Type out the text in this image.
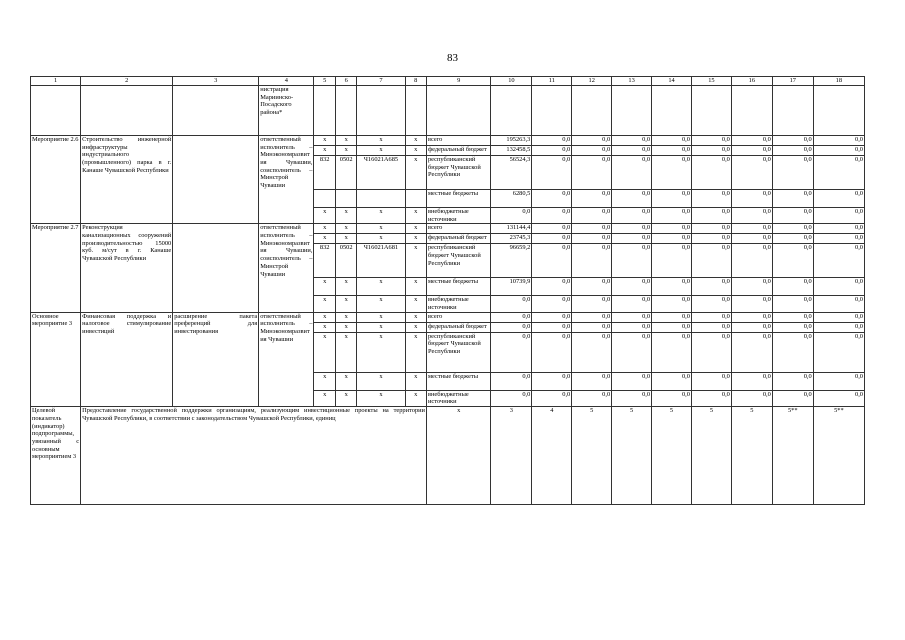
83
1	2	3	4	5	6	7	8	9	10	11	12	13	14	15	16	17	18
			нистрация Мариинско-Посадского района*														
Мероприятие 2.6	Строительство инженерной инфраструктуры индустриального (промышленного) парка в г. Канаше Чувашской Республики		ответственный исполнитель – Минэкономразвития Чувашии, соисполнитель – Минстрой Чувашии	x	x	x	x	всего	195263,3	0,0	0,0	0,0	0,0	0,0	0,0	0,0	0,0
				x	x	x	x	федеральный бюджет	132458,5	0,0	0,0	0,0	0,0	0,0	0,0	0,0	0,0
				832	0502	Ч16021А685	x	республиканский бюджет Чувашской Республики	56524,3	0,0	0,0	0,0	0,0	0,0	0,0	0,0	0,0
								местные бюджеты	6280,5	0,0	0,0	0,0	0,0	0,0	0,0	0,0	0,0
				x	x	x	x	внебюджетные источники	0,0	0,0	0,0	0,0	0,0	0,0	0,0	0,0	0,0
Мероприятие 2.7	Реконструкция канализационных сооружений производительностью 15000 куб. м/сут в г. Канаше Чувашской Республики		ответственный исполнитель – Минэкономразвития Чувашии, соисполнитель – Минстрой Чувашии	x	x	x	x	всего	131144,4	0,0	0,0	0,0	0,0	0,0	0,0	0,0	0,0
				x	x	x	x	федеральный бюджет	23745,3	0,0	0,0	0,0	0,0	0,0	0,0	0,0	0,0
				832	0502	Ч16021А681	x	республиканский бюджет Чувашской Республики	96659,2	0,0	0,0	0,0	0,0	0,0	0,0	0,0	0,0
				x	x	x	x	местные бюджеты	10739,9	0,0	0,0	0,0	0,0	0,0	0,0	0,0	0,0
				x	x	x	x	внебюджетные источники	0,0	0,0	0,0	0,0	0,0	0,0	0,0	0,0	0,0
Основное мероприятие 3	Финансовая поддержка и налоговое стимулирование инвестиций	расширение пакета преференций для инвестирования	ответственный исполнитель – Минэкономразвития Чувашии	x	x	x	x	всего	0,0	0,0	0,0	0,0	0,0	0,0	0,0	0,0	0,0
				x	x	x	x	федеральный бюджет	0,0	0,0	0,0	0,0	0,0	0,0	0,0	0,0	0,0
				x	x	x	x	республиканский бюджет Чувашской Республики	0,0	0,0	0,0	0,0	0,0	0,0	0,0	0,0	0,0
				x	x	x	x	местные бюджеты	0,0	0,0	0,0	0,0	0,0	0,0	0,0	0,0	0,0
				x	x	x	x	внебюджетные источники	0,0	0,0	0,0	0,0	0,0	0,0	0,0	0,0	0,0
Целевой показатель (индикатор) подпрограммы, увязанный с основным мероприятием 3	Предоставление государственной поддержки организациям, реализующим инвестиционные проекты на территории Чувашской Республики, в соответствии с законодательством Чувашской Республики, единиц							x	3	4	5	5	5	5	5	5**	5**
